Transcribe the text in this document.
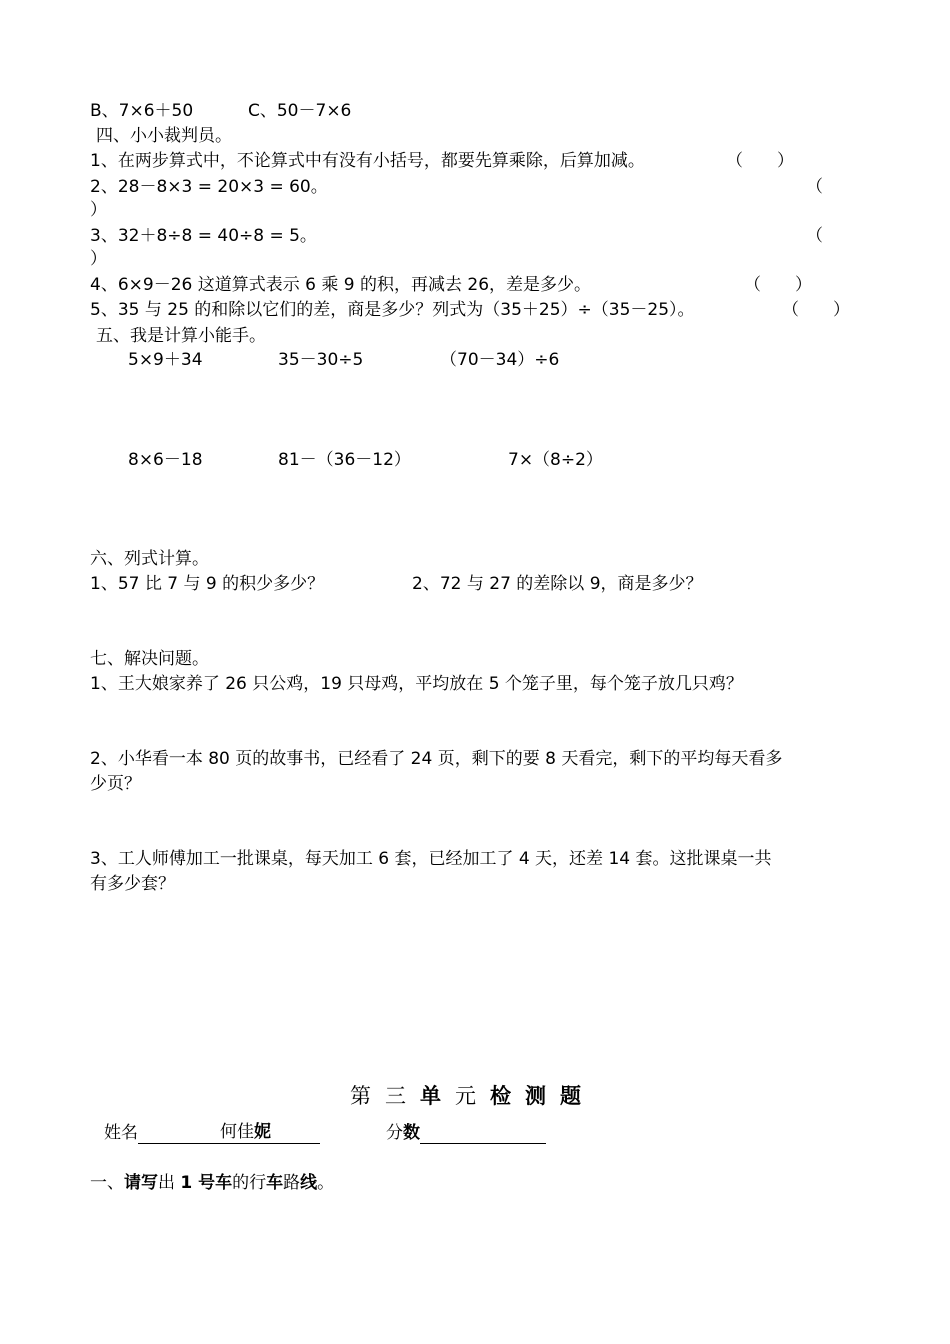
B、7×6＋50	C、50－7×6
四、小小裁判员。
1、在两步算式中，不论算式中有没有小括号，都要先算乘除，后算加减。	（　　）
2、28－8×3 = 20×3 = 60。	（
）
3、32＋8÷8 = 40÷8 = 5。	（
）
4、6×9－26 这道算式表示 6 乘 9 的积，再减去 26，差是多少。	（　　）
5、35 与 25 的和除以它们的差，商是多少？列式为（35＋25）÷（35－25）。	（　　）
五、我是计算小能手。
5×9＋34	35－30÷5	（70－34）÷6
8×6－18	81－（36－12）	7×（8÷2）
六、列式计算。
1、57 比 7 与 9 的积少多少？	2、72 与 27 的差除以 9，商是多少？
七、解决问题。
1、王大娘家养了 26 只公鸡，19 只母鸡，平均放在 5 个笼子里，每个笼子放几只鸡？
2、小华看一本 80 页的故事书，已经看了 24 页，剩下的要 8 天看完，剩下的平均每天看多
少页？
3、工人师傅加工一批课桌，每天加工 6 套，已经加工了 4 天，还差 14 套。这批课桌一共
有多少套？
第 三 单 元 检 测 题
姓名	何佳妮	分数
一、请写出 1 号车的行车路线。
